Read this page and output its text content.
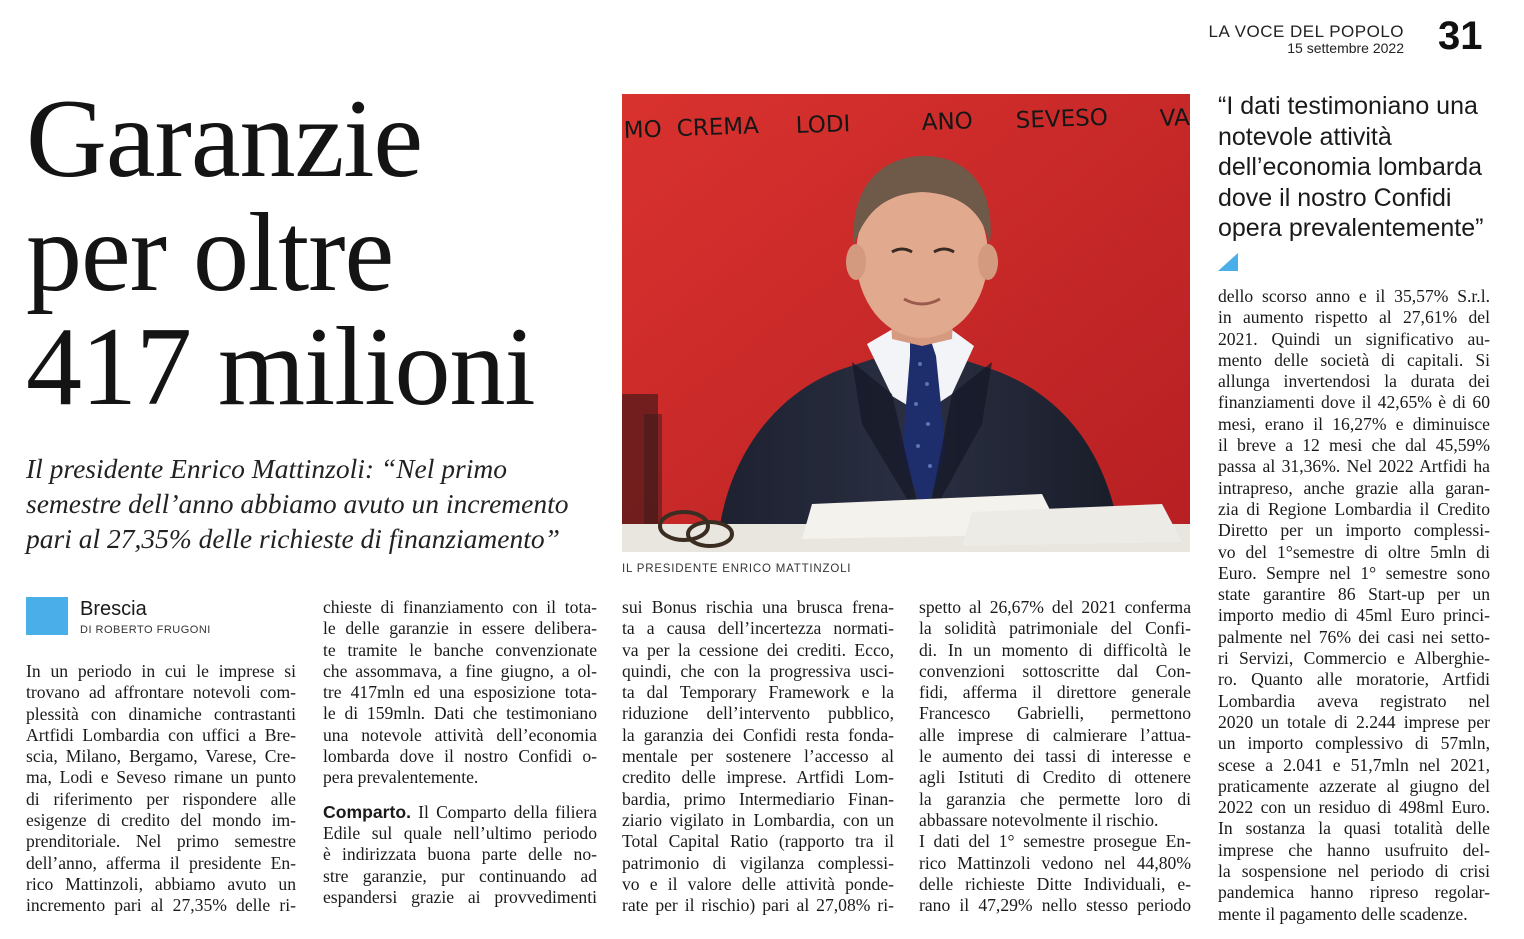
LA VOCE DEL POPOLO
15 settembre 2022 31
Garanzie
per oltre
417 milioni
Il presidente Enrico Mattinzoli: “Nel primo semestre dell’anno abbiamo avuto un incremento pari al 27,35% delle richieste di finanziamento”
MO CREMA LODI	ANO SEVESO VA
IL PRESIDENTE ENRICO MATTINZOLI
“I dati testimoniano una notevole attività dell’economia lombarda dove il nostro Confidi opera prevalentemente”
Brescia
DI ROBERTO FRUGONI

In un periodo in cui le imprese si
trovano ad affrontare notevoli com-
plessità con dinamiche contrastanti
Artfidi Lombardia con uffici a Bre-
scia, Milano, Bergamo, Varese, Cre-
ma, Lodi e Seveso rimane un punto
di riferimento per rispondere alle
esigenze di credito del mondo im-
prenditoriale. Nel primo semestre
dell’anno, afferma il presidente En-
rico Mattinzoli, abbiamo avuto un
incremento pari al 27,35% delle ri-

chieste di finanziamento con il tota-
le delle garanzie in essere delibera-
te tramite le banche convenzionate
che assommava, a fine giugno, a ol-
tre 417mln ed una esposizione tota-
le di 159mln. Dati che testimoniano
una notevole attività dell’economia
lombarda dove il nostro Confidi o-
pera prevalentemente.

Comparto. Il Comparto della filiera
Edile sul quale nell’ultimo periodo
è indirizzata buona parte delle no-
stre garanzie, pur continuando ad
espandersi grazie ai provvedimenti

sui Bonus rischia una brusca frena-
ta a causa dell’incertezza normati-
va per la cessione dei crediti. Ecco,
quindi, che con la progressiva usci-
ta dal Temporary Framework e la
riduzione dell’intervento pubblico,
la garanzia dei Confidi resta fonda-
mentale per sostenere l’accesso al
credito delle imprese. Artfidi Lom-
bardia, primo Intermediario Finan-
ziario vigilato in Lombardia, con un
Total Capital Ratio (rapporto tra il
patrimonio di vigilanza complessi-
vo e il valore delle attività ponde-
rate per il rischio) pari al 27,08% ri-

spetto al 26,67% del 2021 conferma
la solidità patrimoniale del Confi-
di. In un momento di difficoltà le
convenzioni sottoscritte dal Con-
fidi, afferma il direttore generale
Francesco Gabrielli, permettono
alle imprese di calmierare l’attua-
le aumento dei tassi di interesse e
agli Istituti di Credito di ottenere
la garanzia che permette loro di
abbassare notevolmente il rischio.
I dati del 1° semestre prosegue En-
rico Mattinzoli vedono nel 44,80%
delle richieste Ditte Individuali, e-
rano il 47,29% nello stesso periodo

dello scorso anno e il 35,57% S.r.l.
in aumento rispetto al 27,61% del
2021. Quindi un significativo au-
mento delle società di capitali. Si
allunga invertendosi la durata dei
finanziamenti dove il 42,65% è di 60
mesi, erano il 16,27% e diminuisce
il breve a 12 mesi che dal 45,59%
passa al 31,36%. Nel 2022 Artfidi ha
intrapreso, anche grazie alla garan-
zia di Regione Lombardia il Credito
Diretto per un importo complessi-
vo del 1°semestre di oltre 5mln di
Euro. Sempre nel 1° semestre sono
state garantire 86 Start-up per un
importo medio di 45ml Euro princi-
palmente nel 76% dei casi nei setto-
ri Servizi, Commercio e Alberghie-
ro. Quanto alle moratorie, Artfidi
Lombardia aveva registrato nel
2020 un totale di 2.244 imprese per
un importo complessivo di 57mln,
scese a 2.041 e 51,7mln nel 2021,
praticamente azzerate al giugno del
2022 con un residuo di 498ml Euro.
In sostanza la quasi totalità delle
imprese che hanno usufruito del-
la sospensione nel periodo di crisi
pandemica hanno ripreso regolar-
mente il pagamento delle scadenze.
